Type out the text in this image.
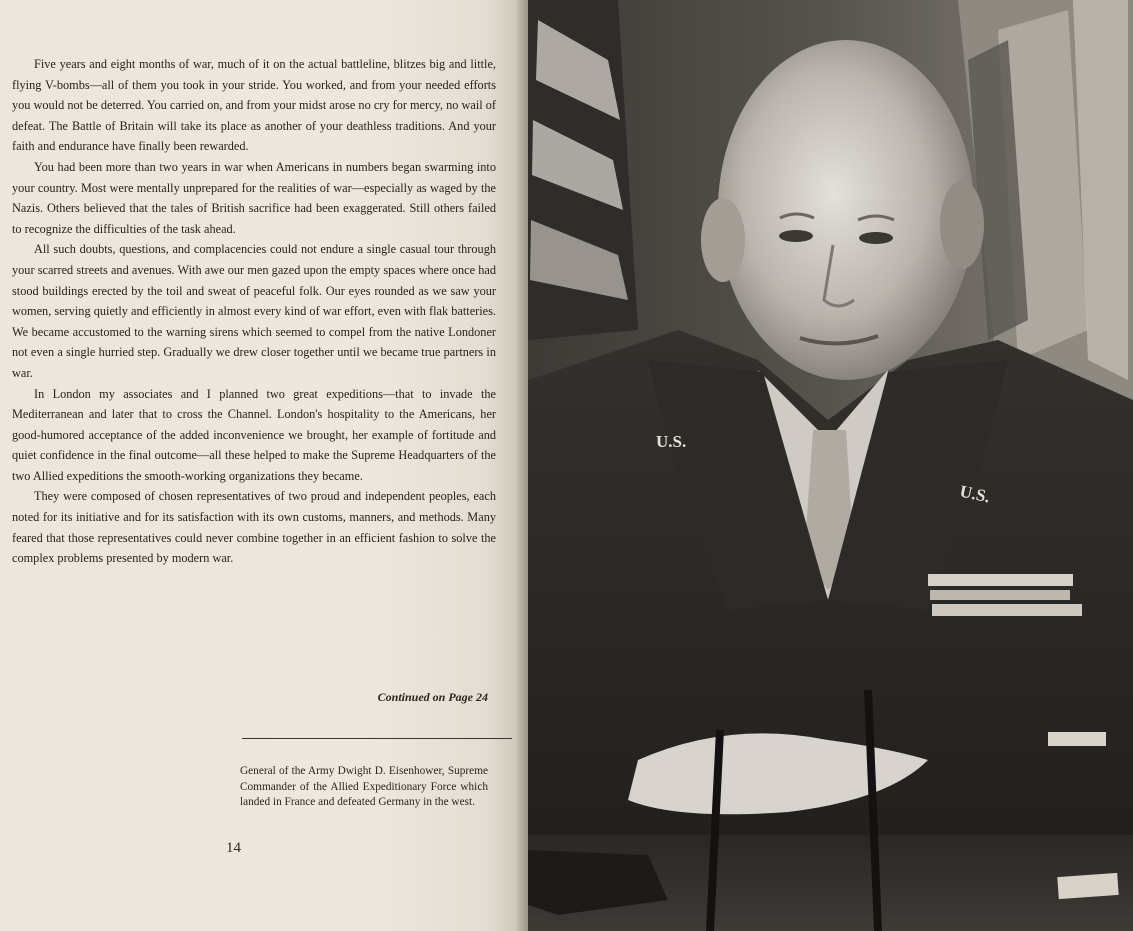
Five years and eight months of war, much of it on the actual battleline, blitzes big and little, flying V-bombs—all of them you took in your stride. You worked, and from your needed efforts you would not be deterred. You carried on, and from your midst arose no cry for mercy, no wail of defeat. The Battle of Britain will take its place as another of your deathless traditions. And your faith and endurance have finally been rewarded.

You had been more than two years in war when Americans in numbers began swarming into your country. Most were mentally unprepared for the realities of war—especially as waged by the Nazis. Others believed that the tales of British sacrifice had been exaggerated. Still others failed to recognize the difficulties of the task ahead.

All such doubts, questions, and complacencies could not endure a single casual tour through your scarred streets and avenues. With awe our men gazed upon the empty spaces where once had stood buildings erected by the toil and sweat of peaceful folk. Our eyes rounded as we saw your women, serving quietly and efficiently in almost every kind of war effort, even with flak batteries. We became accustomed to the warning sirens which seemed to compel from the native Londoner not even a single hurried step. Gradually we drew closer together until we became true partners in war.

In London my associates and I planned two great expeditions—that to invade the Mediterranean and later that to cross the Channel. London's hospitality to the Americans, her good-humored acceptance of the added inconvenience we brought, her example of fortitude and quiet confidence in the final outcome—all these helped to make the Supreme Headquarters of the two Allied expeditions the smooth-working organizations they became.

They were composed of chosen representatives of two proud and independent peoples, each noted for its initiative and for its satisfaction with its own customs, manners, and methods. Many feared that those representatives could never combine together in an efficient fashion to solve the complex problems presented by modern war.

Continued on Page 24
General of the Army Dwight D. Eisenhower, Supreme Commander of the Allied Expeditionary Force which landed in France and defeated Germany in the west.
14
U.S.
U.S.
